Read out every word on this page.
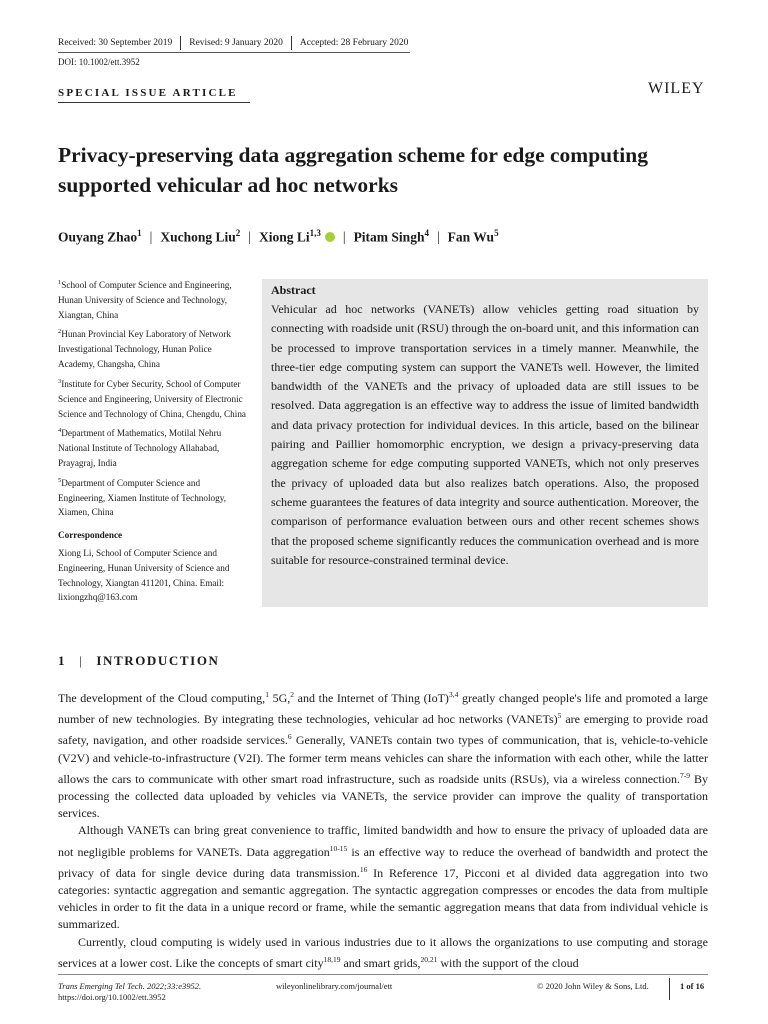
Received: 30 September 2019 Revised: 9 January 2020 Accepted: 28 February 2020
DOI: 10.1002/ett.3952
SPECIAL ISSUE ARTICLE	WILEY
Privacy-preserving data aggregation scheme for edge computing supported vehicular ad hoc networks
Ouyang Zhao$^1$ | Xuchong Liu$^2$ | Xiong Li$^{1,3}$ | Pitam Singh$^4$ | Fan Wu$^5$

$^1$School of Computer Science and Engineering, Hunan University of Science and Technology, Xiangtan, China

$^2$Hunan Provincial Key Laboratory of Network Investigational Technology, Hunan Police Academy, Changsha, China

$^3$Institute for Cyber Security, School of Computer Science and Engineering, University of Electronic Science and Technology of China, Chengdu, China

$^4$Department of Mathematics, Motilal Nehru National Institute of Technology Allahabad, Prayagraj, India

$^5$Department of Computer Science and Engineering, Xiamen Institute of Technology, Xiamen, China

Correspondence

Xiong Li, School of Computer Science and Engineering, Hunan University of Science and Technology, Xiangtan 411201, China. Email: lixiongzhq@163.com

Abstract

Vehicular ad hoc networks (VANETs) allow vehicles getting road situation by connecting with roadside unit (RSU) through the on-board unit, and this information can be processed to improve transportation services in a timely manner. Meanwhile, the three-tier edge computing system can support the VANETs well. However, the limited bandwidth of the VANETs and the privacy of uploaded data are still issues to be resolved. Data aggregation is an effective way to address the issue of limited bandwidth and data privacy protection for individual devices. In this article, based on the bilinear pairing and Paillier homomorphic encryption, we design a privacy-preserving data aggregation scheme for edge computing supported VANETs, which not only preserves the privacy of uploaded data but also realizes batch operations. Also, the proposed scheme guarantees the features of data integrity and source authentication. Moreover, the comparison of performance evaluation between ours and other recent schemes shows that the proposed scheme significantly reduces the communication overhead and is more suitable for resource-constrained terminal device.

1 | INTRODUCTION

The development of the Cloud computing,$^1$ 5G,$^2$ and the Internet of Thing (IoT)$^{3,4}$ greatly changed people's life and promoted a large number of new technologies. By integrating these technologies, vehicular ad hoc networks (VANETs)$^5$ are emerging to provide road safety, navigation, and other roadside services.$^6$ Generally, VANETs contain two types of communication, that is, vehicle-to-vehicle (V2V) and vehicle-to-infrastructure (V2I). The former term means vehicles can share the information with each other, while the latter allows the cars to communicate with other smart road infrastructure, such as roadside units (RSUs), via a wireless connection.$^{7-9}$ By processing the collected data uploaded by vehicles via VANETs, the service provider can improve the quality of transportation services.

Although VANETs can bring great convenience to traffic, limited bandwidth and how to ensure the privacy of uploaded data are not negligible problems for VANETs. Data aggregation$^{10-15}$ is an effective way to reduce the overhead of bandwidth and protect the privacy of data for single device during data transmission.$^{16}$ In Reference 17, Picconi et al divided data aggregation into two categories: syntactic aggregation and semantic aggregation. The syntactic aggregation compresses or encodes the data from multiple vehicles in order to fit the data in a unique record or frame, while the semantic aggregation means that data from individual vehicle is summarized.

Currently, cloud computing is widely used in various industries due to it allows the organizations to use computing and storage services at a lower cost. Like the concepts of smart city$^{18,19}$ and smart grids,$^{20,21}$ with the support of the cloud

Trans Emerging Tel Tech. 2022;33:e3952.
https://doi.org/10.1002/ett.3952
wileyonlinelibrary.com/journal/ett	© 2020 John Wiley & Sons, Ltd.	1 of 16
